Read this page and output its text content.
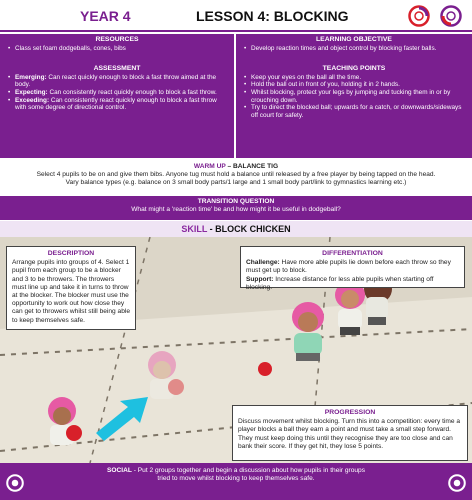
YEAR 4	LESSON 4: BLOCKING
RESOURCES
• Class set foam dodgeballs, cones, bibs
ASSESSMENT
• Emerging: Can react quickly enough to block a fast throw aimed at the body.
• Expecting: Can consistently react quickly enough to block a fast throw.
• Exceeding: Can consistently react quickly enough to block a fast throw with some degree of directional control.
LEARNING OBJECTIVE
• Develop reaction times and object control by blocking faster balls.
TEACHING POINTS
• Keep your eyes on the ball all the time.
• Hold the ball out in front of you, holding it in 2 hands.
• Whilst blocking, protect your legs by jumping and tucking them in or by crouching down.
• Try to direct the blocked ball; upwards for a catch, or downwards/sideways off court for safety.
WARM UP – BALANCE TIG
Select 4 pupils to be on and give them bibs. Anyone tug must hold a balance until released by a free player by being tapped on the head.
Vary balance types (e.g. balance on 3 small body parts/1 large and 1 small body part/link to gymnastics learning etc.)
TRANSITION QUESTION
What might a 'reaction time' be and how might it be useful in dodgeball?
SKILL - BLOCK CHICKEN
DESCRIPTION
Arrange pupils into groups of 4. Select 1 pupil from each group to be a blocker and 3 to be throwers. The throwers must line up and take it in turns to throw at the blocker. The blocker must use the opportunity to work out how close they can get to throwers whilst still being able to keep themselves safe.
DIFFERENTIATION
Challenge: Have more able pupils lie down before each throw so they must get up to block.
Support: Increase distance for less able pupils when starting off blocking.
PROGRESSION
Discuss movement whilst blocking. Turn this into a competition: every time a player blocks a ball they earn a point and must take a small step forward. They must keep doing this until they recognise they are too close and can bank their score. If they get hit, they lose 5 points.
SOCIAL - Put 2 groups together and begin a discussion about how pupils in their groups
tried to move whilst blocking to keep themselves safe.
